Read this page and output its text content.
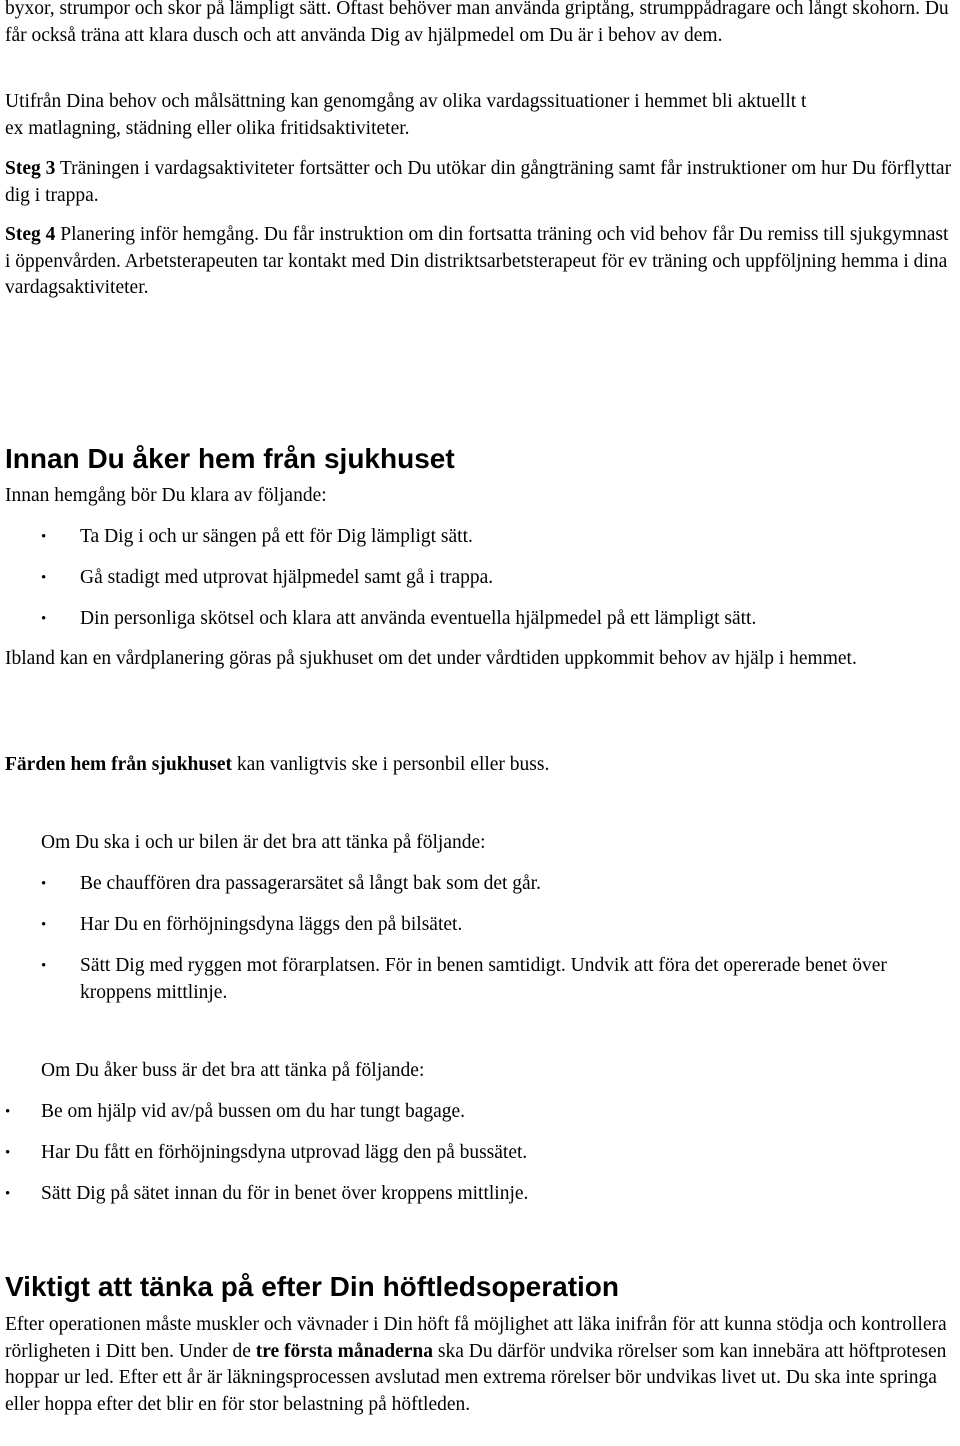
byxor, strumpor och skor på lämpligt sätt. Oftast behöver man använda griptång, strumppådragare och långt skohorn. Du får också träna att klara dusch och att använda Dig av hjälpmedel om Du är i behov av dem.

Utifrån Dina behov och målsättning kan genomgång av olika vardagssituationer i hemmet bli aktuellt t
ex matlagning, städning eller olika fritidsaktiviteter.

Steg 3 Träningen i vardagsaktiviteter fortsätter och Du utökar din gångträning samt får instruktioner om hur Du förflyttar dig i trappa.

Steg 4 Planering inför hemgång. Du får instruktion om din fortsatta träning och vid behov får Du remiss till sjukgymnast i öppenvården. Arbetsterapeuten tar kontakt med Din distriktsarbetsterapeut för ev träning och uppföljning hemma i dina vardagsaktiviteter.

Innan Du åker hem från sjukhuset

Innan hemgång bör Du klara av följande:

• Ta Dig i och ur sängen på ett för Dig lämpligt sätt.

• Gå stadigt med utprovat hjälpmedel samt gå i trappa.

• Din personliga skötsel och klara att använda eventuella hjälpmedel på ett lämpligt sätt.

Ibland kan en vårdplanering göras på sjukhuset om det under vårdtiden uppkommit behov av hjälp i hemmet.

Färden hem från sjukhuset kan vanligtvis ske i personbil eller buss.

Om Du ska i och ur bilen är det bra att tänka på följande:

• Be chauffören dra passagerarsätet så långt bak som det går.

• Har Du en förhöjningsdyna läggs den på bilsätet.

• Sätt Dig med ryggen mot förarplatsen. För in benen samtidigt. Undvik att föra det opererade benet över kroppens mittlinje.

Om Du åker buss är det bra att tänka på följande:

• Be om hjälp vid av/på bussen om du har tungt bagage.

• Har Du fått en förhöjningsdyna utprovad lägg den på bussätet.

• Sätt Dig på sätet innan du för in benet över kroppens mittlinje.

Viktigt att tänka på efter Din höftledsoperation

Efter operationen måste muskler och vävnader i Din höft få möjlighet att läka inifrån för att kunna stödja och kontrollera rörligheten i Ditt ben. Under de tre första månaderna ska Du därför undvika rörelser som kan innebära att höftprotesen hoppar ur led. Efter ett år är läkningsprocessen avslutad men extrema rörelser bör undvikas livet ut. Du ska inte springa eller hoppa efter det blir en för stor belastning på höftleden.
